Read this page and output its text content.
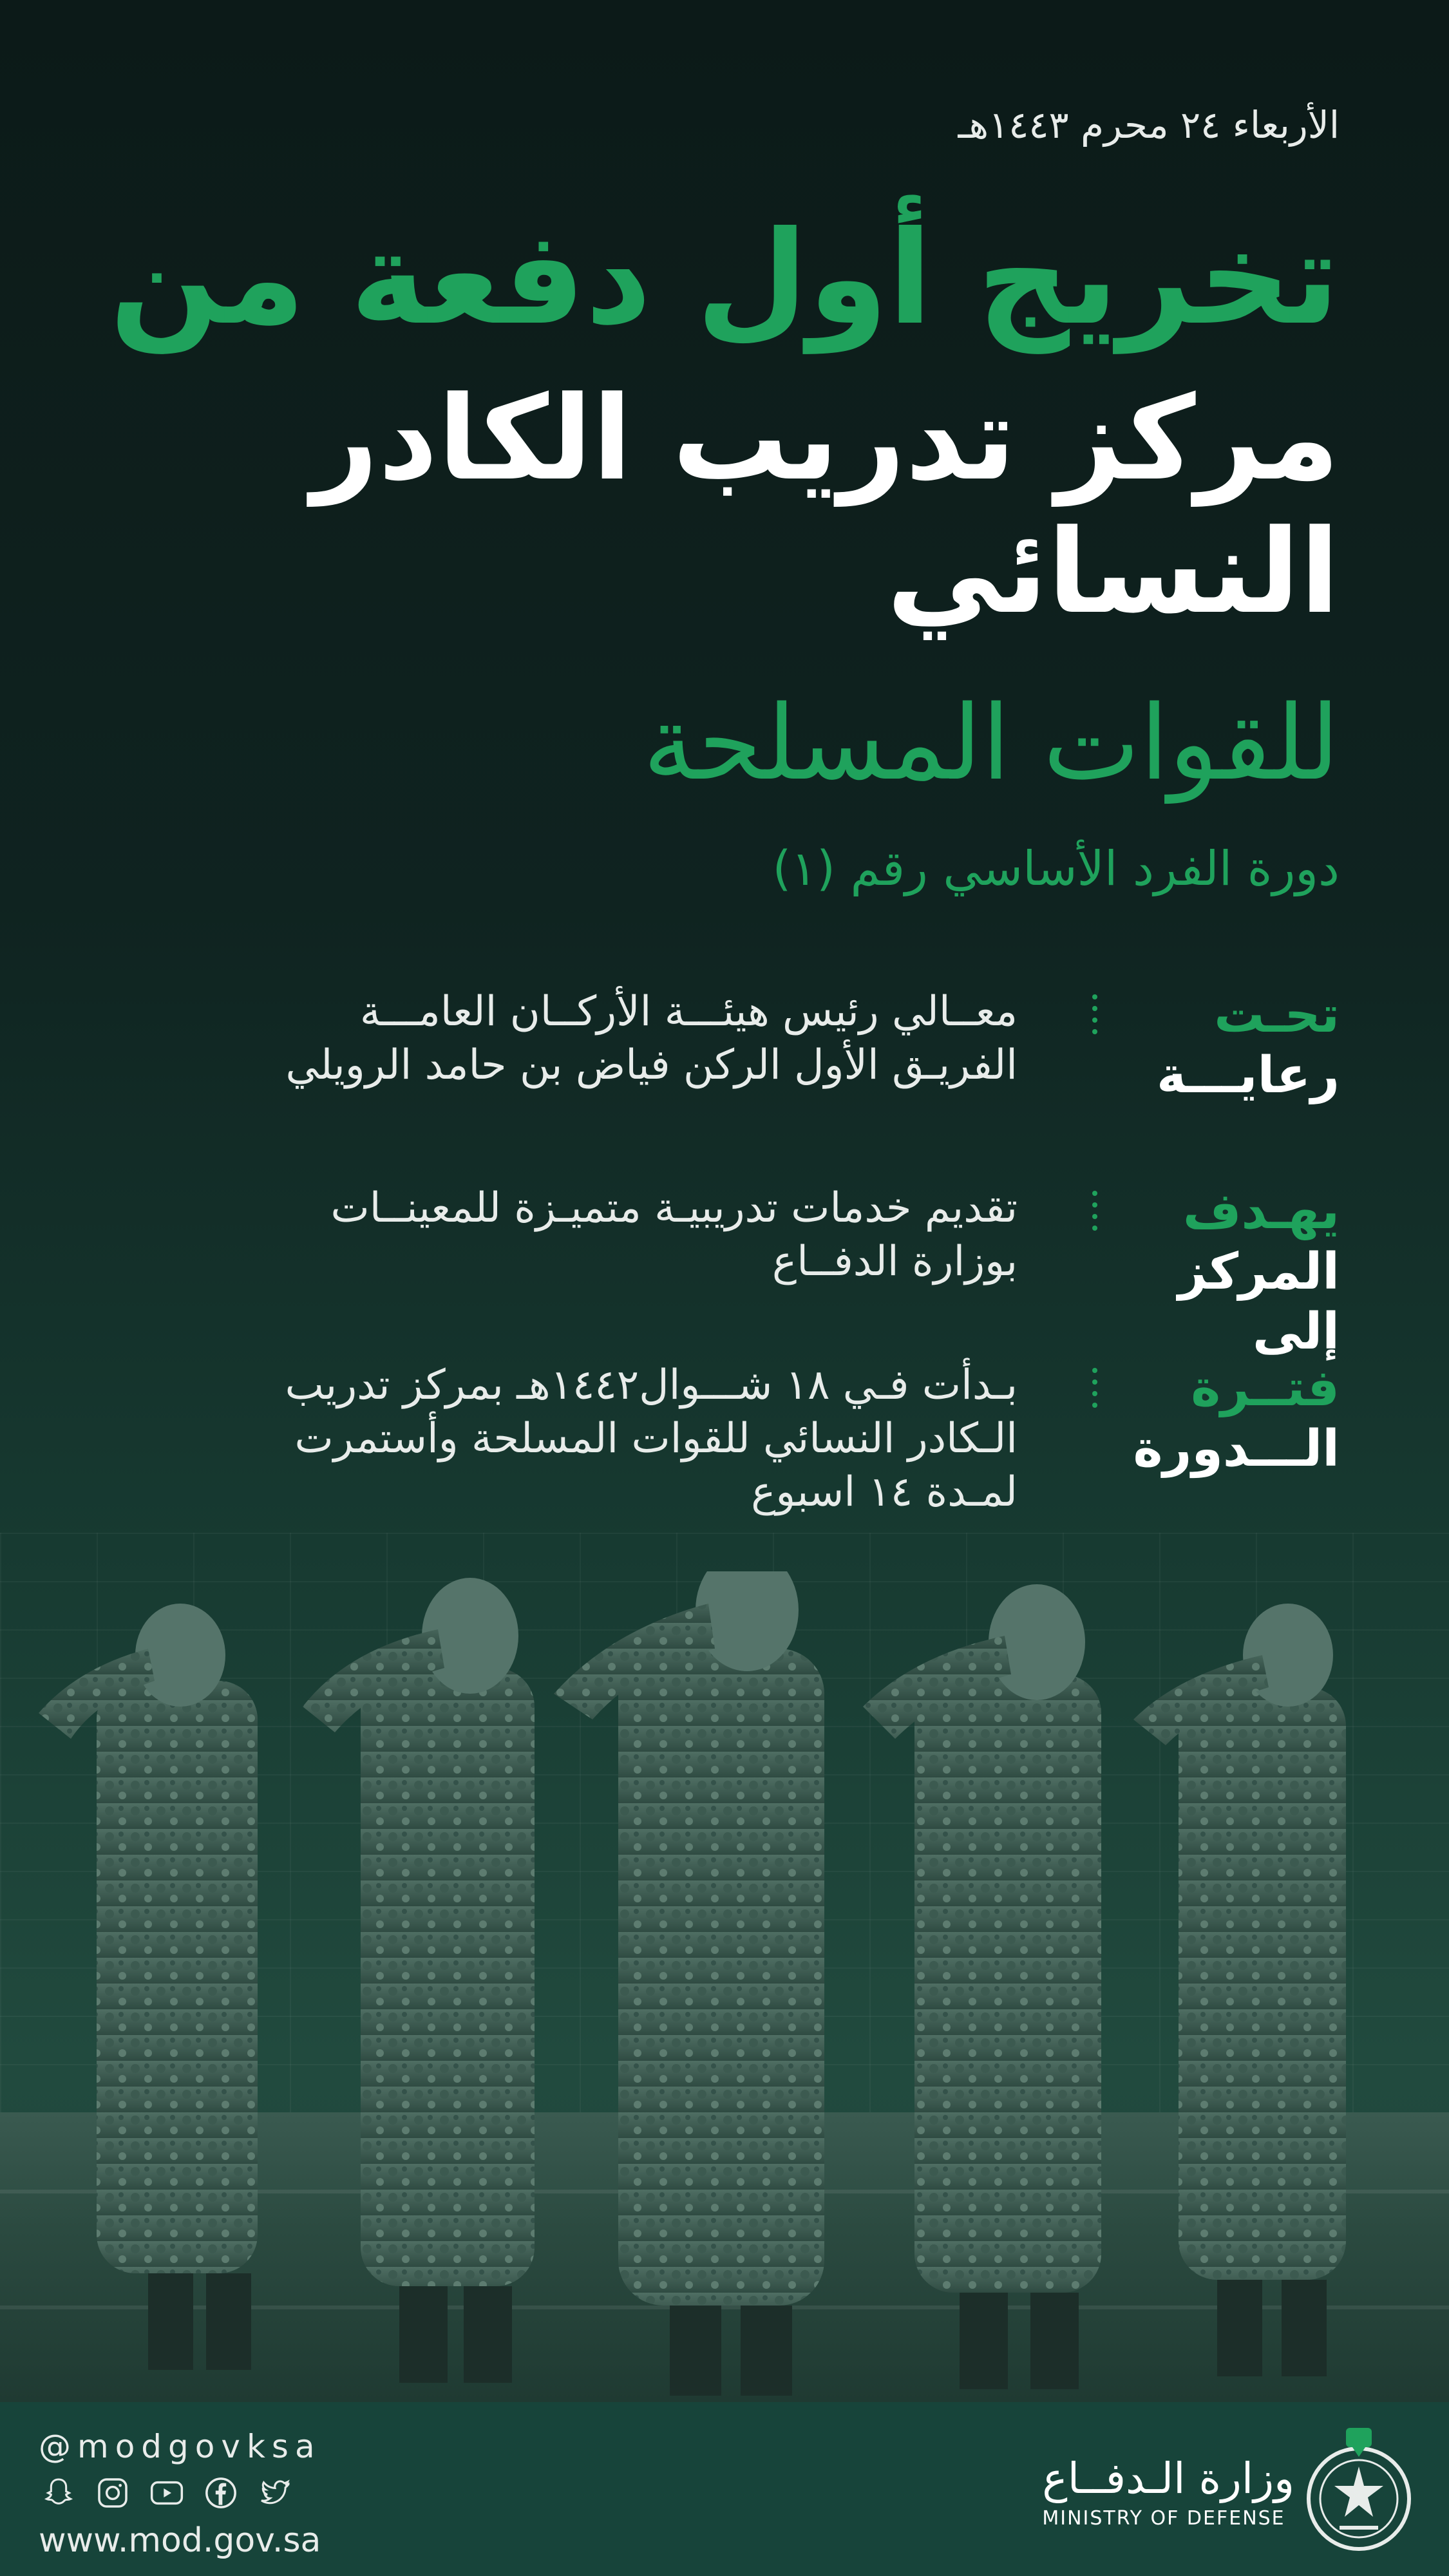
الأربعاء ٢٤ محرم ١٤٤٣هـ
تخريج أول دفعة من
مركز تدريب الكادر النسائي
للقوات المسلحة
دورة الفرد الأساسي رقم (١)
تحـت
رعايـــة
معــالي رئيس هيئـــة الأركــان العامـــة
الفريـق الأول الركن فياض بن حامد الرويلي
يهـدف
المركز إلى
تقديم خدمات تدريبيـة متميـزة للمعينــات
بوزارة الدفــاع
فتــرة
الـــدورة
بـدأت فـي ١٨ شـــوال١٤٤٢هـ بمركز تدريب
الـكادر النسائي للقوات المسلحة وأستمرت
لمـدة ١٤ اسبوع
@modgovksa
www.mod.gov.sa
وزارة الـدفــاع
MINISTRY OF DEFENSE
